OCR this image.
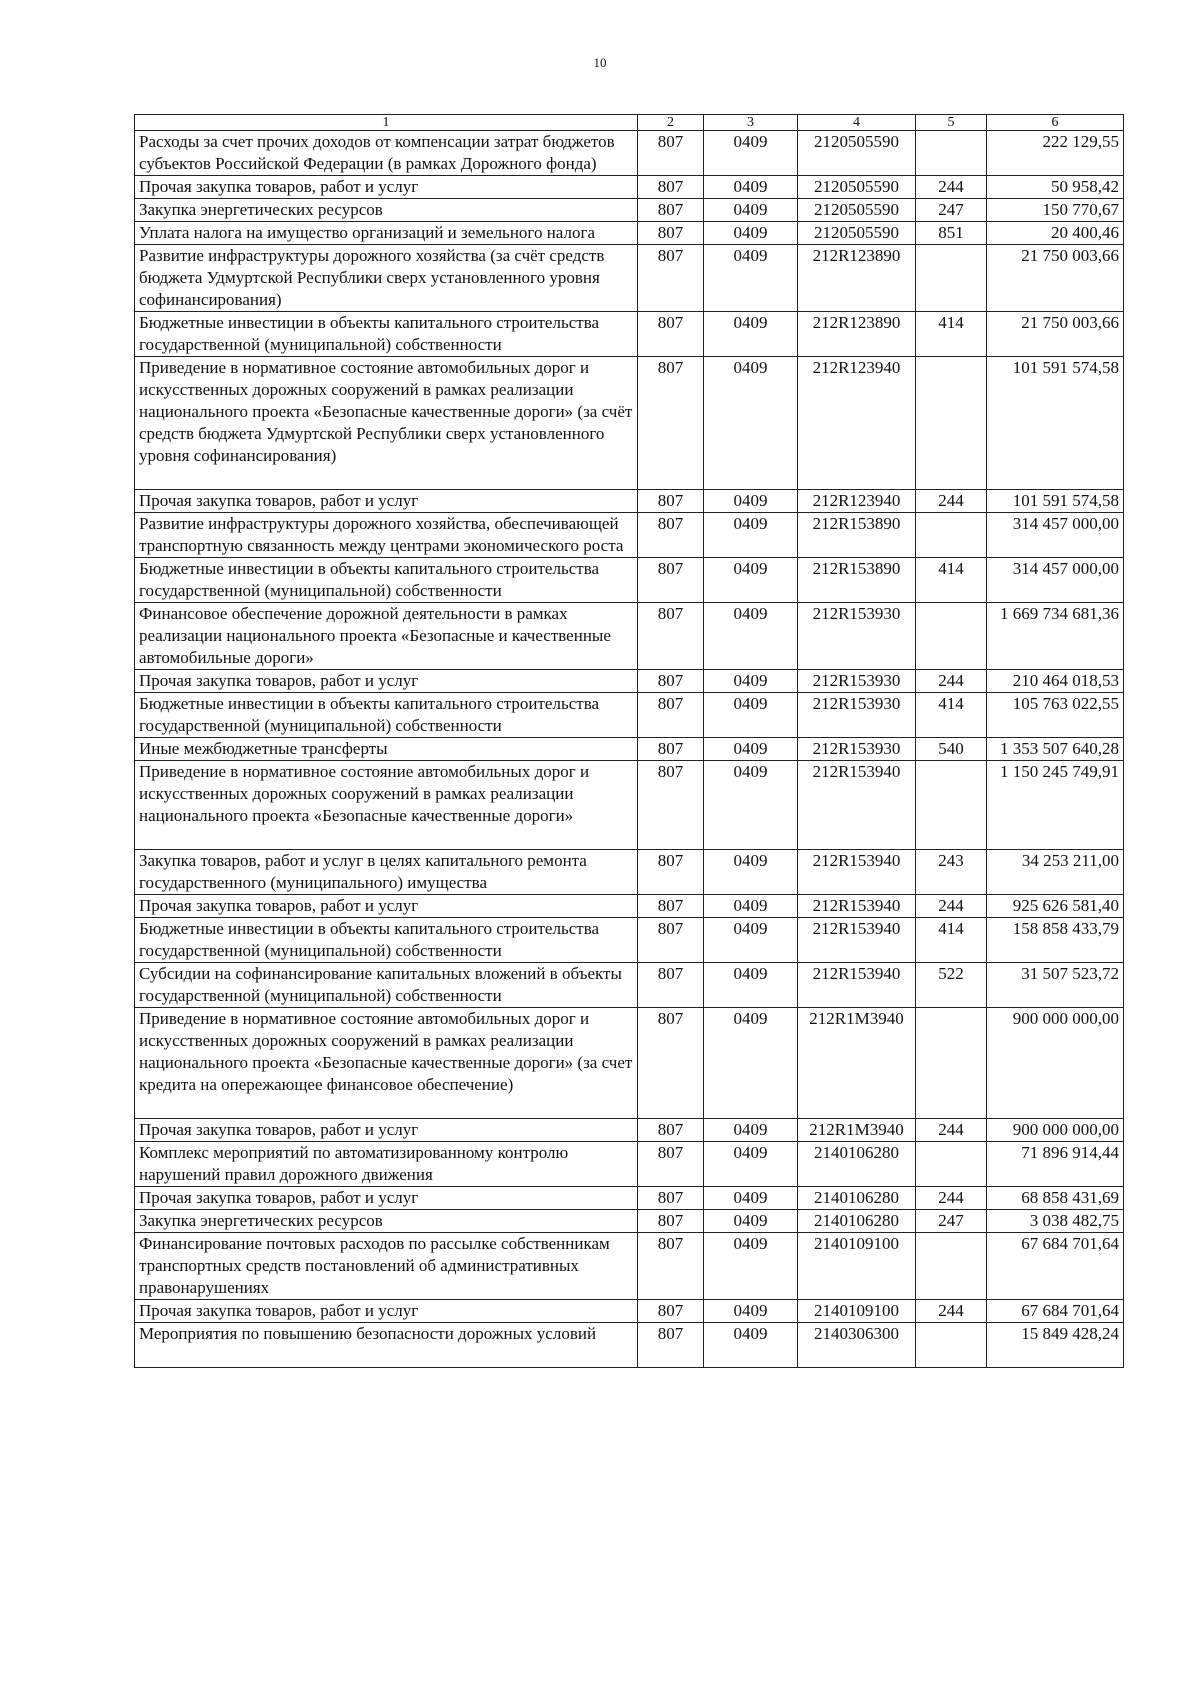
10
1	2	3	4	5	6
Расходы за счет прочих доходов от компенсации затрат бюджетов субъектов Российской Федерации (в рамках Дорожного фонда)	807	0409	2120505590		222 129,55
Прочая закупка товаров, работ и услуг	807	0409	2120505590	244	50 958,42
Закупка энергетических ресурсов	807	0409	2120505590	247	150 770,67
Уплата налога на имущество организаций и земельного налога	807	0409	2120505590	851	20 400,46
Развитие инфраструктуры дорожного хозяйства (за счёт средств бюджета Удмуртской Республики сверх установленного уровня софинансирования)	807	0409	212R123890		21 750 003,66
Бюджетные инвестиции в объекты капитального строительства государственной (муниципальной) собственности	807	0409	212R123890	414	21 750 003,66
Приведение в нормативное состояние автомобильных дорог и искусственных дорожных сооружений в рамках реализации национального проекта «Безопасные качественные дороги» (за счёт средств бюджета Удмуртской Республики сверх установленного уровня софинансирования)	807	0409	212R123940		101 591 574,58
Прочая закупка товаров, работ и услуг	807	0409	212R123940	244	101 591 574,58
Развитие инфраструктуры дорожного хозяйства, обеспечивающей транспортную связанность между центрами экономического роста	807	0409	212R153890		314 457 000,00
Бюджетные инвестиции в объекты капитального строительства государственной (муниципальной) собственности	807	0409	212R153890	414	314 457 000,00
Финансовое обеспечение дорожной деятельности в рамках реализации национального проекта «Безопасные и качественные автомобильные дороги»	807	0409	212R153930		1 669 734 681,36
Прочая закупка товаров, работ и услуг	807	0409	212R153930	244	210 464 018,53
Бюджетные инвестиции в объекты капитального строительства государственной (муниципальной) собственности	807	0409	212R153930	414	105 763 022,55
Иные межбюджетные трансферты	807	0409	212R153930	540	1 353 507 640,28
Приведение в нормативное состояние автомобильных дорог и искусственных дорожных сооружений в рамках реализации национального проекта «Безопасные качественные дороги»	807	0409	212R153940		1 150 245 749,91
Закупка товаров, работ и услуг в целях капитального ремонта государственного (муниципального) имущества	807	0409	212R153940	243	34 253 211,00
Прочая закупка товаров, работ и услуг	807	0409	212R153940	244	925 626 581,40
Бюджетные инвестиции в объекты капитального строительства государственной (муниципальной) собственности	807	0409	212R153940	414	158 858 433,79
Субсидии на софинансирование капитальных вложений в объекты государственной (муниципальной) собственности	807	0409	212R153940	522	31 507 523,72
Приведение в нормативное состояние автомобильных дорог и искусственных дорожных сооружений в рамках реализации национального проекта «Безопасные качественные дороги» (за счет кредита на опережающее финансовое обеспечение)	807	0409	212R1M3940		900 000 000,00
Прочая закупка товаров, работ и услуг	807	0409	212R1M3940	244	900 000 000,00
Комплекс мероприятий по автоматизированному контролю нарушений правил дорожного движения	807	0409	2140106280		71 896 914,44
Прочая закупка товаров, работ и услуг	807	0409	2140106280	244	68 858 431,69
Закупка энергетических ресурсов	807	0409	2140106280	247	3 038 482,75
Финансирование почтовых расходов по рассылке собственникам транспортных средств постановлений об административных правонарушениях	807	0409	2140109100		67 684 701,64
Прочая закупка товаров, работ и услуг	807	0409	2140109100	244	67 684 701,64
Мероприятия по повышению безопасности дорожных условий	807	0409	2140306300		15 849 428,24
